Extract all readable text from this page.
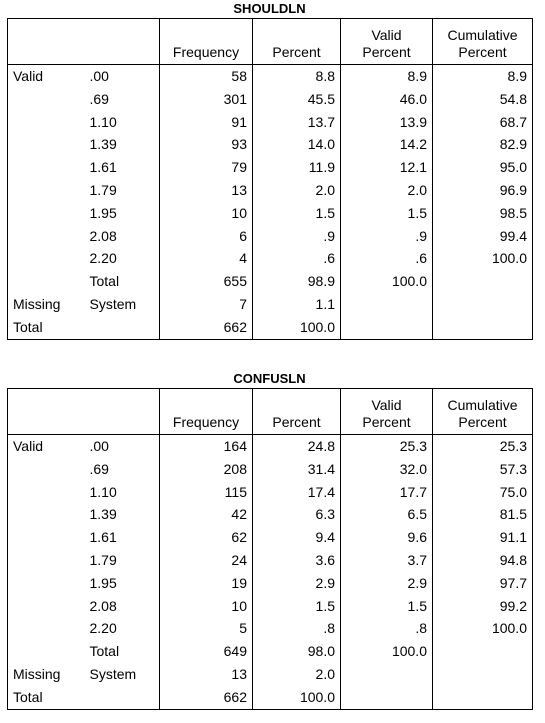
SHOULDLN
		Frequency	Percent	Valid Percent	Cumulative Percent
Valid	.00	58	8.8	8.9	8.9
	.69	301	45.5	46.0	54.8
	1.10	91	13.7	13.9	68.7
	1.39	93	14.0	14.2	82.9
	1.61	79	11.9	12.1	95.0
	1.79	13	2.0	2.0	96.9
	1.95	10	1.5	1.5	98.5
	2.08	6	.9	.9	99.4
	2.20	4	.6	.6	100.0
	Total	655	98.9	100.0	
Missing	System	7	1.1		
Total		662	100.0		
CONFUSLN
		Frequency	Percent	Valid Percent	Cumulative Percent
Valid	.00	164	24.8	25.3	25.3
	.69	208	31.4	32.0	57.3
	1.10	115	17.4	17.7	75.0
	1.39	42	6.3	6.5	81.5
	1.61	62	9.4	9.6	91.1
	1.79	24	3.6	3.7	94.8
	1.95	19	2.9	2.9	97.7
	2.08	10	1.5	1.5	99.2
	2.20	5	.8	.8	100.0
	Total	649	98.0	100.0	
Missing	System	13	2.0		
Total		662	100.0		
